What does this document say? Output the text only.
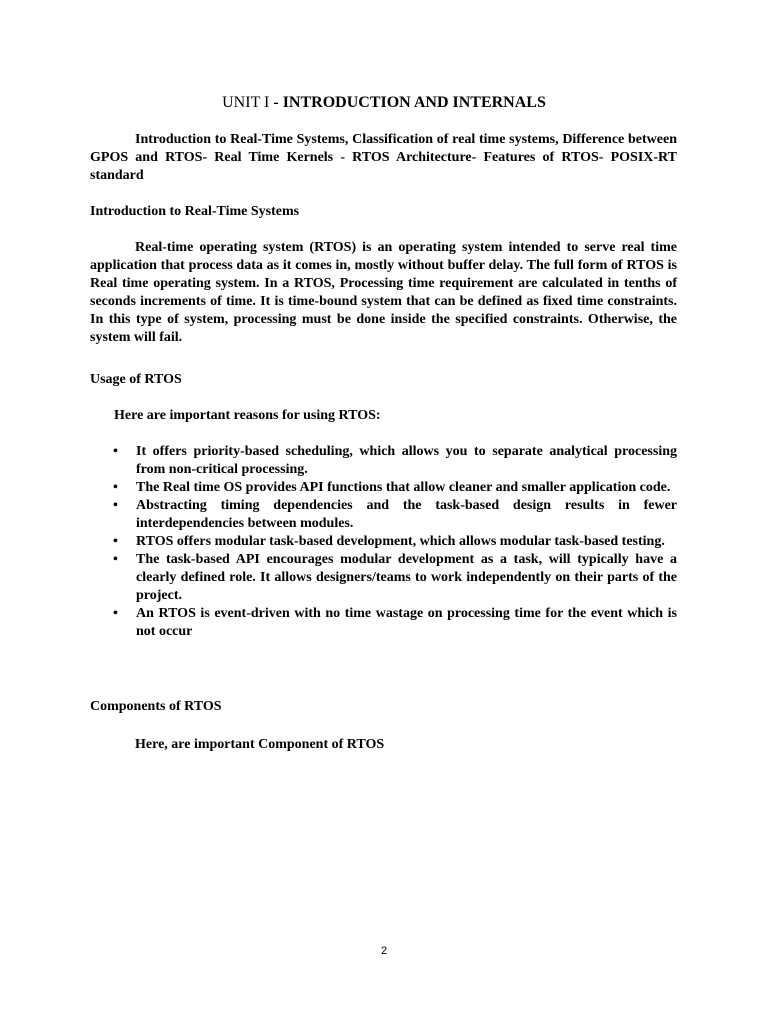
UNIT I - INTRODUCTION AND INTERNALS

Introduction to Real-Time Systems, Classification of real time systems, Difference between GPOS and RTOS- Real Time Kernels - RTOS Architecture- Features of RTOS- POSIX-RT standard

Introduction to Real-Time Systems

Real-time operating system (RTOS) is an operating system intended to serve real time application that process data as it comes in, mostly without buffer delay. The full form of RTOS is Real time operating system. In a RTOS, Processing time requirement are calculated in tenths of seconds increments of time. It is time-bound system that can be defined as fixed time constraints. In this type of system, processing must be done inside the specified constraints. Otherwise, the system will fail.

Usage of RTOS

Here are important reasons for using RTOS:

• It offers priority-based scheduling, which allows you to separate analytical processing from non-critical processing.
• The Real time OS provides API functions that allow cleaner and smaller application code.
• Abstracting timing dependencies and the task-based design results in fewer interdependencies between modules.
• RTOS offers modular task-based development, which allows modular task-based testing.
• The task-based API encourages modular development as a task, will typically have a clearly defined role. It allows designers/teams to work independently on their parts of the project.
• An RTOS is event-driven with no time wastage on processing time for the event which is not occur

Components of RTOS

Here, are important Component of RTOS

2
